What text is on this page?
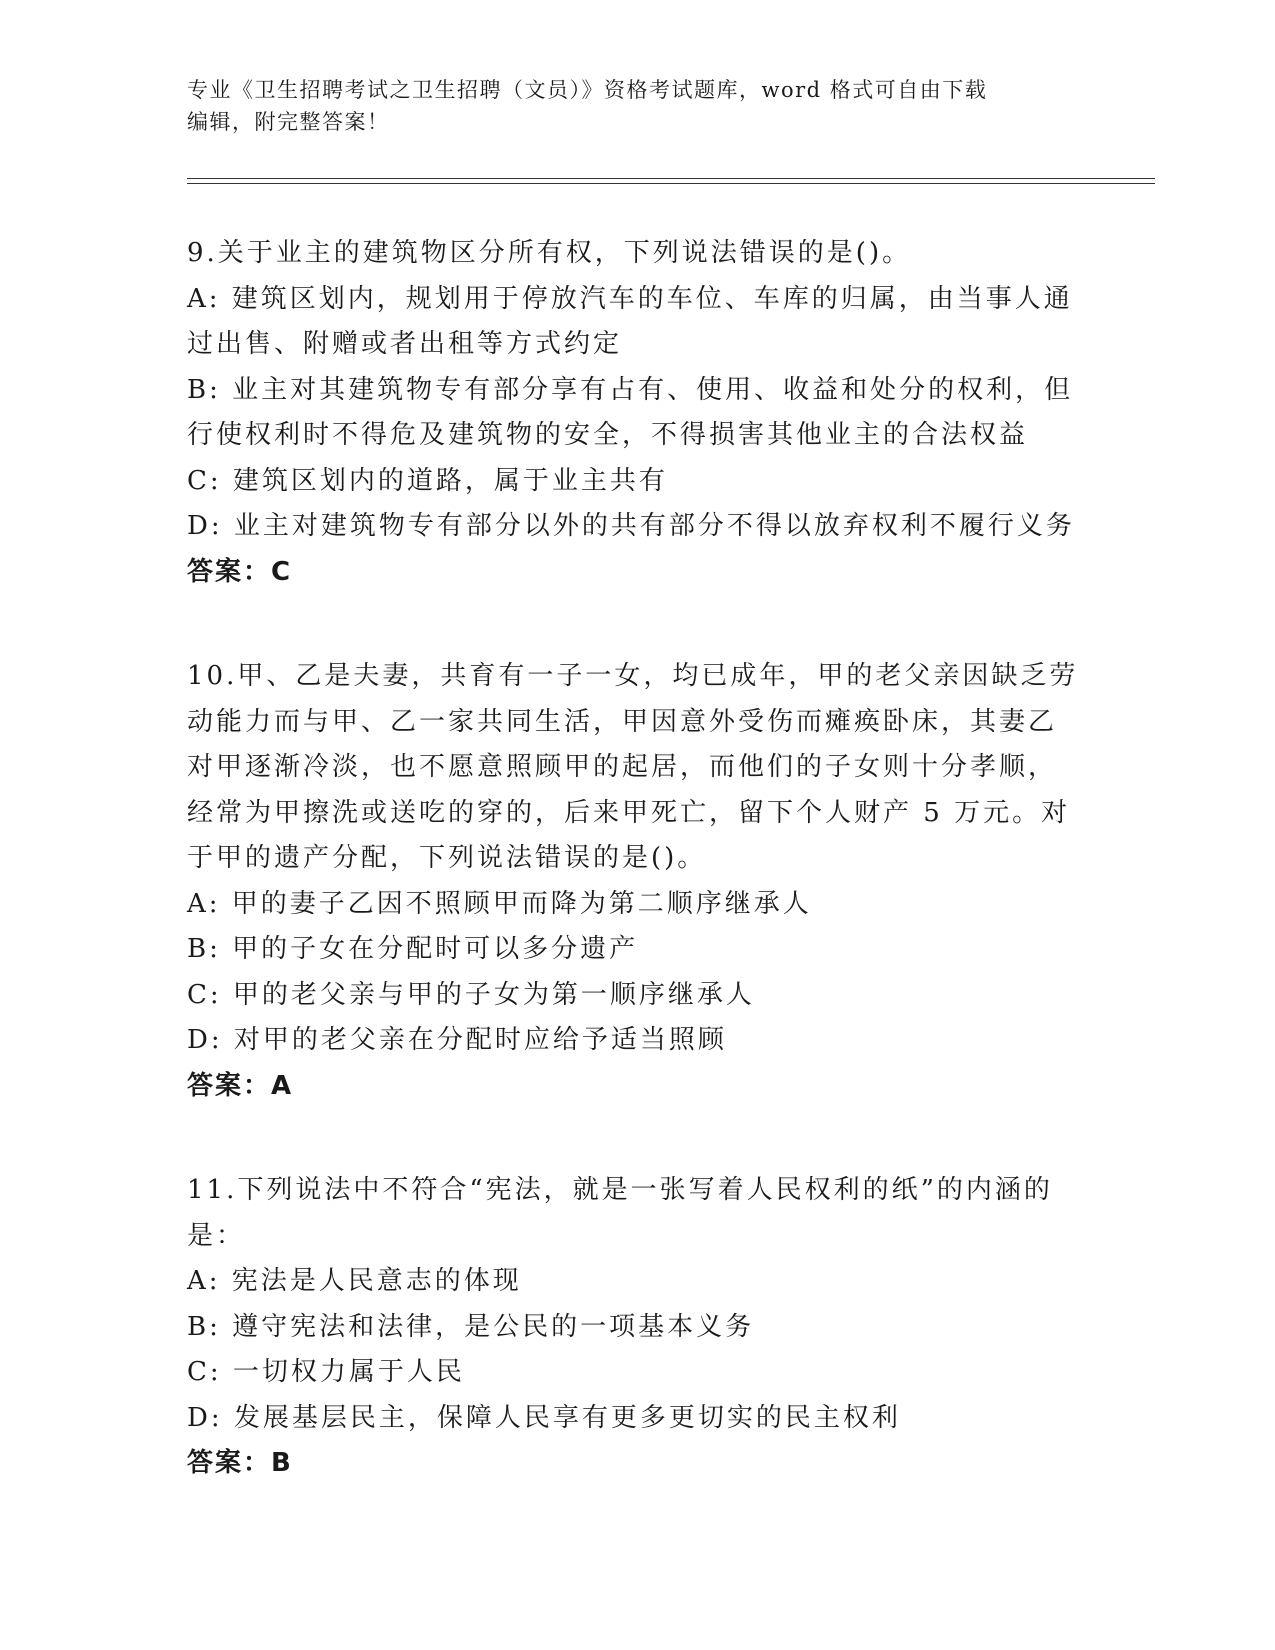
专业《卫生招聘考试之卫生招聘（文员）》资格考试题库，word 格式可自由下载
编辑，附完整答案！
9.关于业主的建筑物区分所有权，下列说法错误的是()。
A: 建筑区划内，规划用于停放汽车的车位、车库的归属，由当事人通
过出售、附赠或者出租等方式约定
B: 业主对其建筑物专有部分享有占有、使用、收益和处分的权利，但
行使权利时不得危及建筑物的安全，不得损害其他业主的合法权益
C: 建筑区划内的道路，属于业主共有
D: 业主对建筑物专有部分以外的共有部分不得以放弃权利不履行义务
答案：C
10.甲、乙是夫妻，共育有一子一女，均已成年，甲的老父亲因缺乏劳
动能力而与甲、乙一家共同生活，甲因意外受伤而瘫痪卧床，其妻乙
对甲逐渐冷淡，也不愿意照顾甲的起居，而他们的子女则十分孝顺，
经常为甲擦洗或送吃的穿的，后来甲死亡，留下个人财产 5 万元。对
于甲的遗产分配，下列说法错误的是()。
A: 甲的妻子乙因不照顾甲而降为第二顺序继承人
B: 甲的子女在分配时可以多分遗产
C: 甲的老父亲与甲的子女为第一顺序继承人
D: 对甲的老父亲在分配时应给予适当照顾
答案：A
11.下列说法中不符合“宪法，就是一张写着人民权利的纸”的内涵的
是：
A: 宪法是人民意志的体现
B: 遵守宪法和法律，是公民的一项基本义务
C: 一切权力属于人民
D: 发展基层民主，保障人民享有更多更切实的民主权利
答案：B
